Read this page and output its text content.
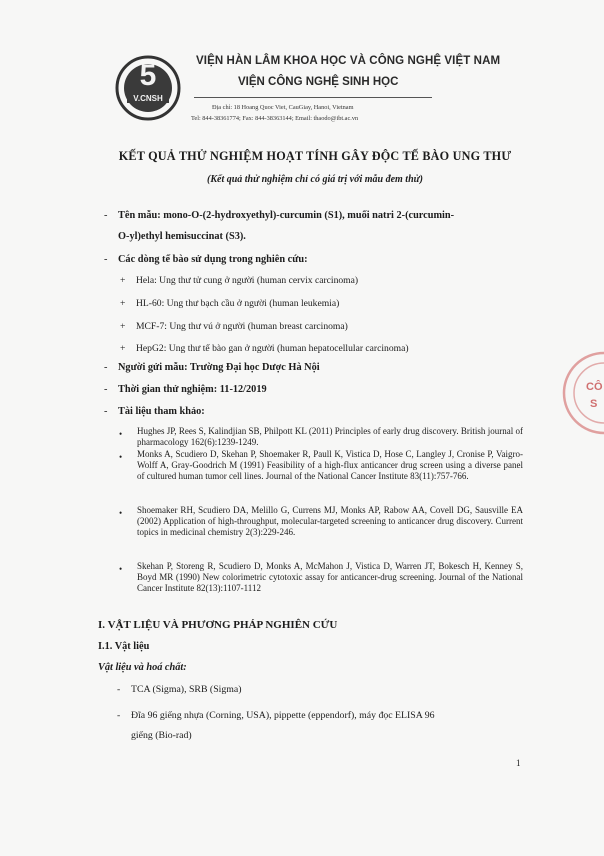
5
V.CNSH
VIỆN HÀN LÂM KHOA HỌC VÀ CÔNG NGHỆ VIỆT NAM
VIỆN CÔNG NGHỆ SINH HỌC
Địa chỉ: 18 Hoang Quoc Viet, CauGiay, Hanoi, Vietnam
Tel: 844-38361774; Fax: 844-38363144; Email: thaodo@ibt.ac.vn
KẾT QUẢ THỬ NGHIỆM HOẠT TÍNH GÂY ĐỘC TẾ BÀO UNG THƯ
(Kết quả thử nghiệm chỉ có giá trị với mẫu đem thử)
- Tên mẫu: mono-O-(2-hydroxyethyl)-curcumin (S1), muối natri 2-(curcumin-
O-yl)ethyl hemisuccinat (S3).
- Các dòng tế bào sử dụng trong nghiên cứu:
+ Hela: Ung thư tử cung ở người (human cervix carcinoma)
+ HL-60: Ung thư bạch cầu ở người (human leukemia)
+ MCF-7: Ung thư vú ở người (human breast carcinoma)
+ HepG2: Ung thư tế bào gan ở người (human hepatocellular carcinoma)
- Người gửi mẫu: Trường Đại học Dược Hà Nội
- Thời gian thử nghiệm: 11-12/2019
- Tài liệu tham khảo:
•	Hughes JP, Rees S, Kalindjian SB, Philpott KL (2011) Principles of early drug discovery. British journal of pharmacology 162(6):1239-1249.
•	Monks A, Scudiero D, Skehan P, Shoemaker R, Paull K, Vistica D, Hose C, Langley J, Cronise P, Vaigro-Wolff A, Gray-Goodrich M (1991) Feasibility of a high-flux anticancer drug screen using a diverse panel of cultured human tumor cell lines. Journal of the National Cancer Institute 83(11):757-766.
•	Shoemaker RH, Scudiero DA, Melillo G, Currens MJ, Monks AP, Rabow AA, Covell DG, Sausville EA (2002) Application of high-throughput, molecular-targeted screening to anticancer drug discovery. Current topics in medicinal chemistry 2(3):229-246.
•	Skehan P, Storeng R, Scudiero D, Monks A, McMahon J, Vistica D, Warren JT, Bokesch H, Kenney S, Boyd MR (1990) New colorimetric cytotoxic assay for anticancer-drug screening. Journal of the National Cancer Institute 82(13):1107-1112
I. VẬT LIỆU VÀ PHƯƠNG PHÁP NGHIÊN CỨU
I.1. Vật liệu
Vật liệu và hoá chất:
- TCA (Sigma), SRB (Sigma)
- Đĩa 96 giếng nhựa (Corning, USA), pippette (eppendorf), máy đọc ELISA 96
giếng (Bio-rad)
1
CÔ
S
